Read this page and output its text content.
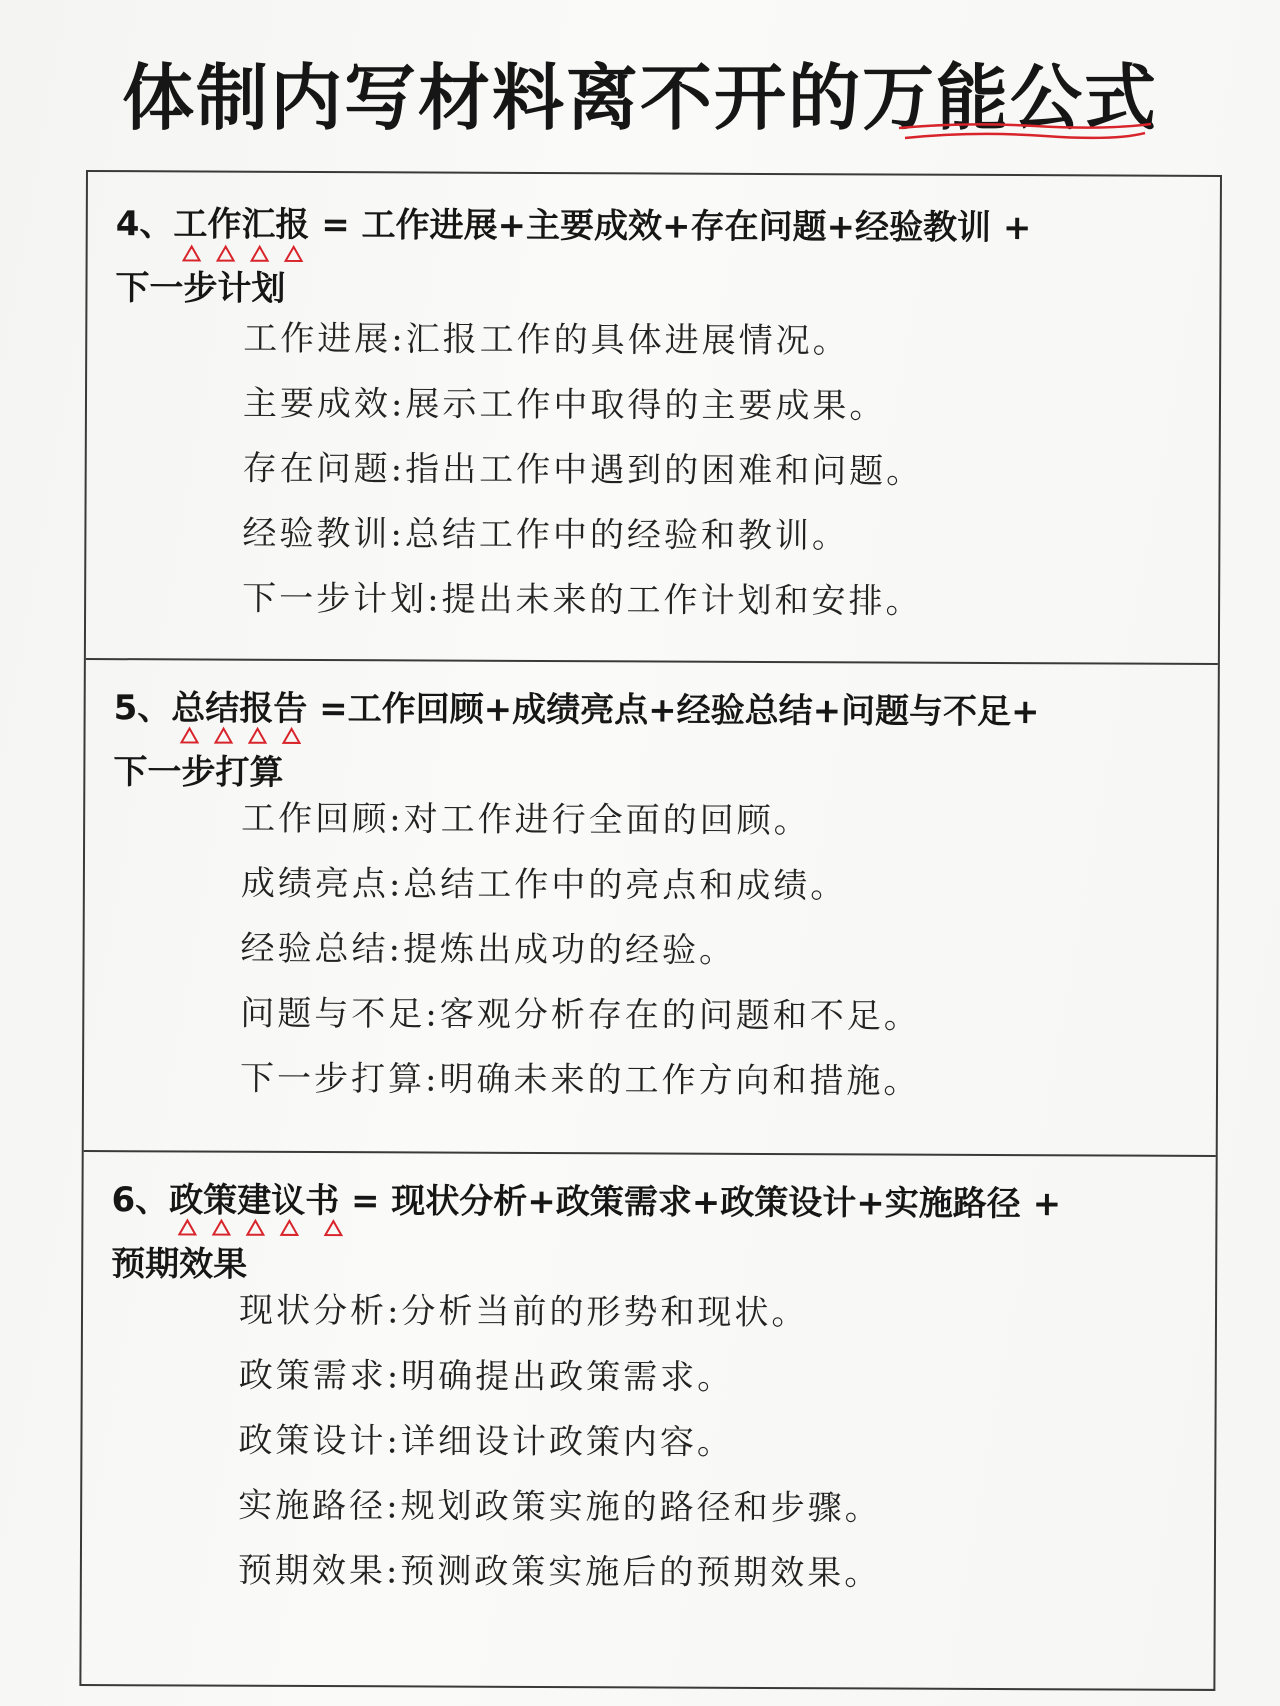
体制内写材料离不开的万能公式
4、工作汇报 = 工作进展+主要成效+存在问题+经验教训 +
下一步计划
工作进展:汇报工作的具体进展情况。
主要成效:展示工作中取得的主要成果。
存在问题:指出工作中遇到的困难和问题。
经验教训:总结工作中的经验和教训。
下一步计划:提出未来的工作计划和安排。
5、总结报告 =工作回顾+成绩亮点+经验总结+问题与不足+
下一步打算
工作回顾:对工作进行全面的回顾。
成绩亮点:总结工作中的亮点和成绩。
经验总结:提炼出成功的经验。
问题与不足:客观分析存在的问题和不足。
下一步打算:明确未来的工作方向和措施。
6、政策建议书 = 现状分析+政策需求+政策设计+实施路径 +
预期效果
现状分析:分析当前的形势和现状。
政策需求:明确提出政策需求。
政策设计:详细设计政策内容。
实施路径:规划政策实施的路径和步骤。
预期效果:预测政策实施后的预期效果。
